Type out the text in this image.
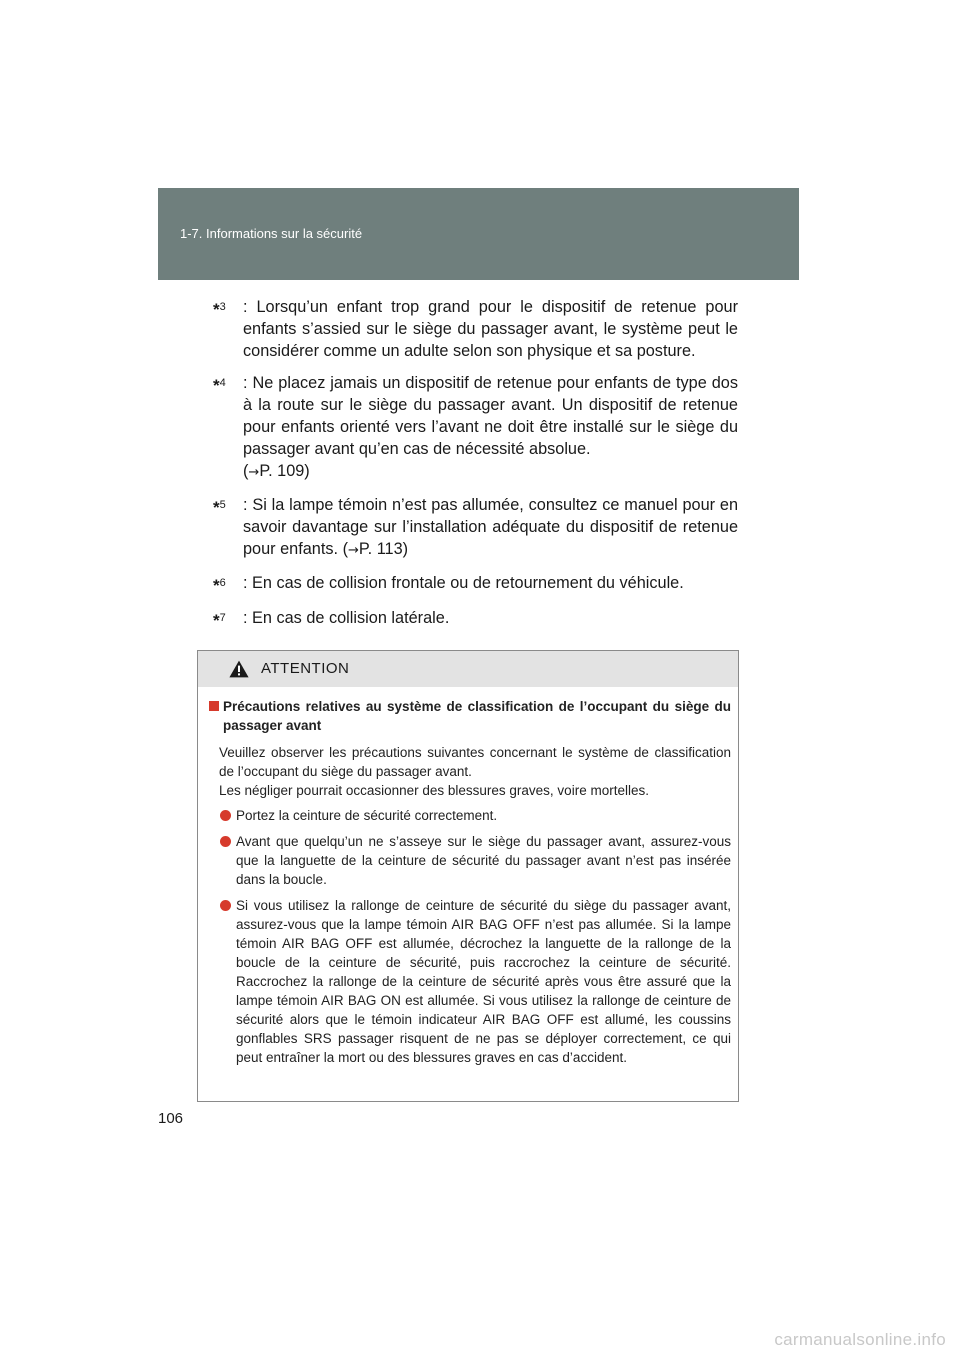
1-7. Informations sur la sécurité
*$^3$	: Lorsqu’un enfant trop grand pour le dispositif de retenue pour enfants s’assied sur le siège du passager avant, le système peut le considérer comme un adulte selon son physique et sa posture.
*$^4$	: Ne placez jamais un dispositif de retenue pour enfants de type dos à la route sur le siège du passager avant. Un dispositif de retenue pour enfants orienté vers l’avant ne doit être installé sur le siège du passager avant qu’en cas de nécessité absolue.

(→P. 109)

*$^5$	: Si la lampe témoin n’est pas allumée, consultez ce manuel pour en savoir davantage sur l’installation adéquate du dispositif de retenue pour enfants. (→P. 113)
*$^6$	: En cas de collision frontale ou de retournement du véhicule.
*$^7$	: En cas de collision latérale.
ATTENTION
Précautions relatives au système de classification de l’occupant du siège du passager avant
Veuillez observer les précautions suivantes concernant le système de classification de l’occupant du siège du passager avant.
Les négliger pourrait occasionner des blessures graves, voire mortelles.
Portez la ceinture de sécurité correctement.
Avant que quelqu’un ne s’asseye sur le siège du passager avant, assurez-vous que la languette de la ceinture de sécurité du passager avant n’est pas insérée dans la boucle.
Si vous utilisez la rallonge de ceinture de sécurité du siège du passager avant, assurez-vous que la lampe témoin AIR BAG OFF n’est pas allumée. Si la lampe témoin AIR BAG OFF est allumée, décrochez la languette de la rallonge de la boucle de la ceinture de sécurité, puis raccrochez la ceinture de sécurité. Raccrochez la rallonge de la ceinture de sécurité après vous être assuré que la lampe témoin AIR BAG ON est allumée. Si vous utilisez la rallonge de ceinture de sécurité alors que le témoin indicateur AIR BAG OFF est allumé, les coussins gonflables SRS passager risquent de ne pas se déployer correctement, ce qui peut entraîner la mort ou des blessures graves en cas d’accident.
106
carmanualsonline.info
